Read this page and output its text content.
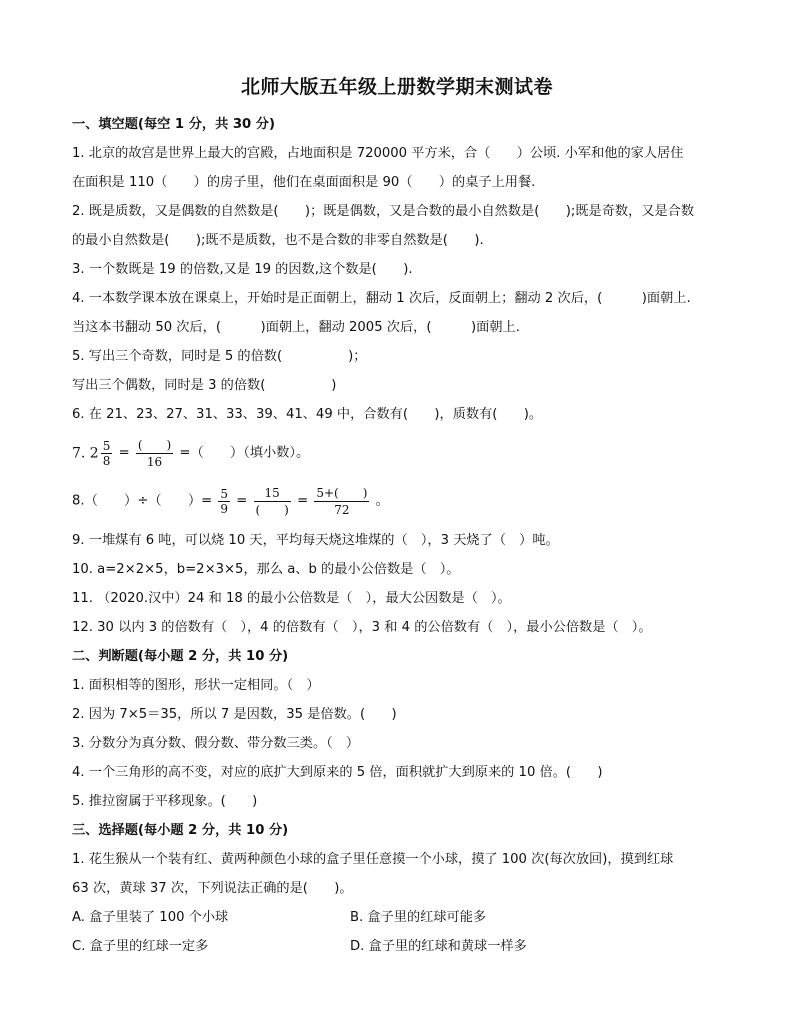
北师大版五年级上册数学期末测试卷
一、填空题(每空 1 分，共 30 分)
1. 北京的故宫是世界上最大的宫殿，占地面积是 720000 平方米，合（　　）公顷. 小军和他的家人居住
在面积是 110（　　）的房子里，他们在桌面面积是 90（　　）的桌子上用餐.
2. 既是质数，又是偶数的自然数是(　　)；既是偶数，又是合数的最小自然数是(　　);既是奇数，又是合数
的最小自然数是(　　);既不是质数，也不是合数的非零自然数是(　　).
3. 一个数既是 19 的倍数,又是 19 的因数,这个数是(　　).
4. 一本数学课本放在课桌上，开始时是正面朝上，翻动 1 次后，反面朝上；翻动 2 次后，(　　　)面朝上.
当这本书翻动 50 次后，(　　　)面朝上，翻动 2005 次后，(　　　)面朝上.
5. 写出三个奇数，同时是 5 的倍数(　　　　　)；
写出三个偶数，同时是 3 的倍数(　　　　　)
6. 在 21、23、27、31、33、39、41、49 中，合数有(　　)，质数有(　　)。
7. $2 \frac{5}{8} = \frac{( )}{16}$ =（　　）（填小数）。
8.（　　）÷（　　）= $\frac{5}{9} = \frac{15}{( )} = \frac{5+( )}{72}$ 。
9. 一堆煤有 6 吨，可以烧 10 天，平均每天烧这堆煤的（　），3 天烧了（　）吨。
10. a=2×2×5，b=2×3×5，那么 a、b 的最小公倍数是（　）。
11. （2020.汉中）24 和 18 的最小公倍数是（　），最大公因数是（　）。
12. 30 以内 3 的倍数有（　），4 的倍数有（　），3 和 4 的公倍数有（　），最小公倍数是（　）。
二、判断题(每小题 2 分，共 10 分)
1. 面积相等的图形，形状一定相同。（　）
2. 因为 7×5＝35，所以 7 是因数，35 是倍数。(　　)
3. 分数分为真分数、假分数、带分数三类。（　）
4. 一个三角形的高不变，对应的底扩大到原来的 5 倍，面积就扩大到原来的 10 倍。(　　)
5. 推拉窗属于平移现象。(　　)
三、选择题(每小题 2 分，共 10 分)
1. 花生猴从一个装有红、黄两种颜色小球的盒子里任意摸一个小球，摸了 100 次(每次放回)，摸到红球
63 次，黄球 37 次，下列说法正确的是(　　)。
A. 盒子里装了 100 个小球	B. 盒子里的红球可能多
C. 盒子里的红球一定多	D. 盒子里的红球和黄球一样多
